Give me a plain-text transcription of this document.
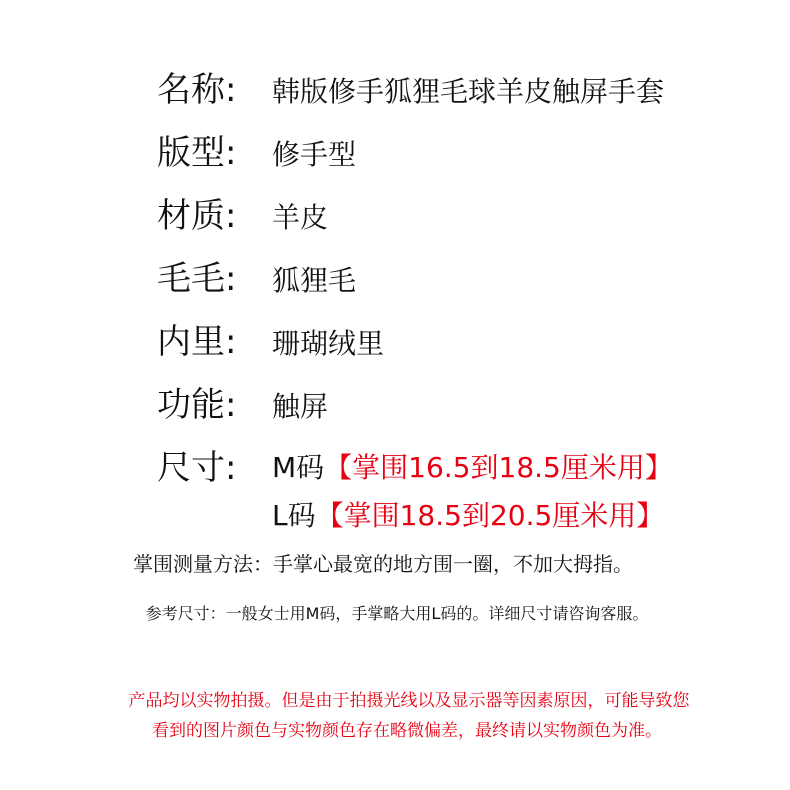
名称: 韩版修手狐狸毛球羊皮触屏手套
版型: 修手型
材质: 羊皮
毛毛: 狐狸毛
内里: 珊瑚绒里
功能: 触屏
尺寸: M码【掌围16.5到18.5厘米用】
L码【掌围18.5到20.5厘米用】
掌围测量方法：手掌心最宽的地方围一圈，不加大拇指。
参考尺寸：一般女士用M码，手掌略大用L码的。详细尺寸请咨询客服。
产品均以实物拍摄。但是由于拍摄光线以及显示器等因素原因，可能导致您
看到的图片颜色与实物颜色存在略微偏差，最终请以实物颜色为准。
